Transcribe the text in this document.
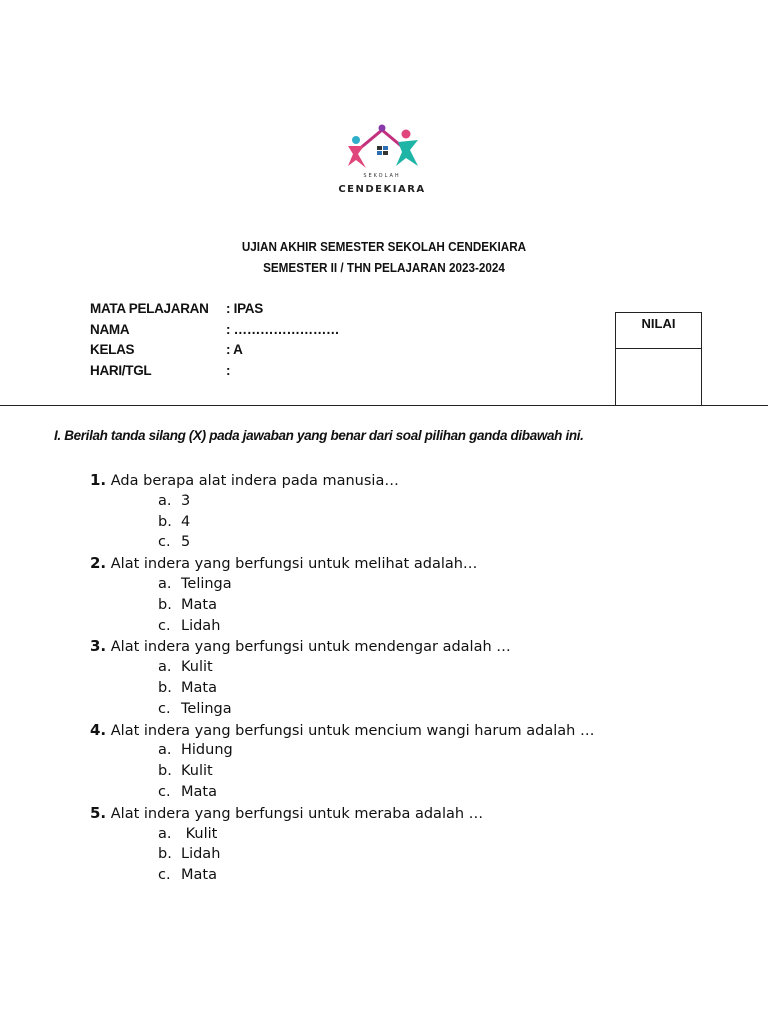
SEKOLAH
CENDEKIARA
UJIAN AKHIR SEMESTER SEKOLAH CENDEKIARA
SEMESTER II / THN PELAJARAN 2023-2024
MATA PELAJARAN : IPAS
NAMA	: ……………………
KELAS	: A
HARI/TGL	:
NILAI
I. Berilah tanda silang (X) pada jawaban yang benar dari soal pilihan ganda dibawah ini.
1. Ada berapa alat indera pada manusia…
a. 3
b. 4
c. 5
2. Alat indera yang berfungsi untuk melihat adalah…
a. Telinga
b. Mata
c. Lidah
3. Alat indera yang berfungsi untuk mendengar adalah …
a. Kulit
b. Mata
c. Telinga
4. Alat indera yang berfungsi untuk mencium wangi harum adalah …
a. Hidung
b. Kulit
c. Mata
5. Alat indera yang berfungsi untuk meraba adalah …
a. Kulit
b. Lidah
c. Mata
